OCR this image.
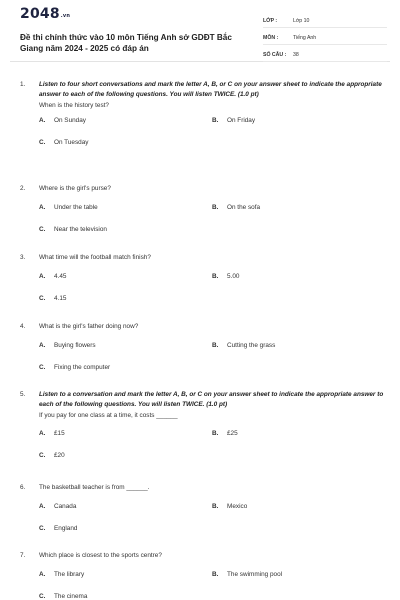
2048.vn
Đề thi chính thức vào 10 môn Tiếng Anh sở GDĐT Bắc Giang năm 2024 - 2025 có đáp án
LỚP :	Lớp 10
MÔN :	Tiếng Anh
SỐ CÂU :	38
1.	Listen to four short conversations and mark the letter A, B, or C on your answer sheet to indicate the appropriate answer to each of the following questions. You will listen TWICE. (1.0 pt)
When is the history test?
A.	On Sunday	B.	On Friday
C.	On Tuesday
2.	Where is the girl's purse?
A.	Under the table	B.	On the sofa
C.	Near the television
3.	What time will the football match finish?
A.	4.45	B.	5.00
C.	4.15
4.	What is the girl's father doing now?
A.	Buying flowers	B.	Cutting the grass
C.	Fixing the computer
5.	Listen to a conversation and mark the letter A, B, or C on your answer sheet to indicate the appropriate answer to each of the following questions. You will listen TWICE. (1.0 pt)
If you pay for one class at a time, it costs ______
A.	£15	B.	£25
C.	£20
6.	The basketball teacher is from ______.
A.	Canada	B.	Mexico
C.	England
7.	Which place is closest to the sports centre?
A.	The library	B.	The swimming pool
C.	The cinema
